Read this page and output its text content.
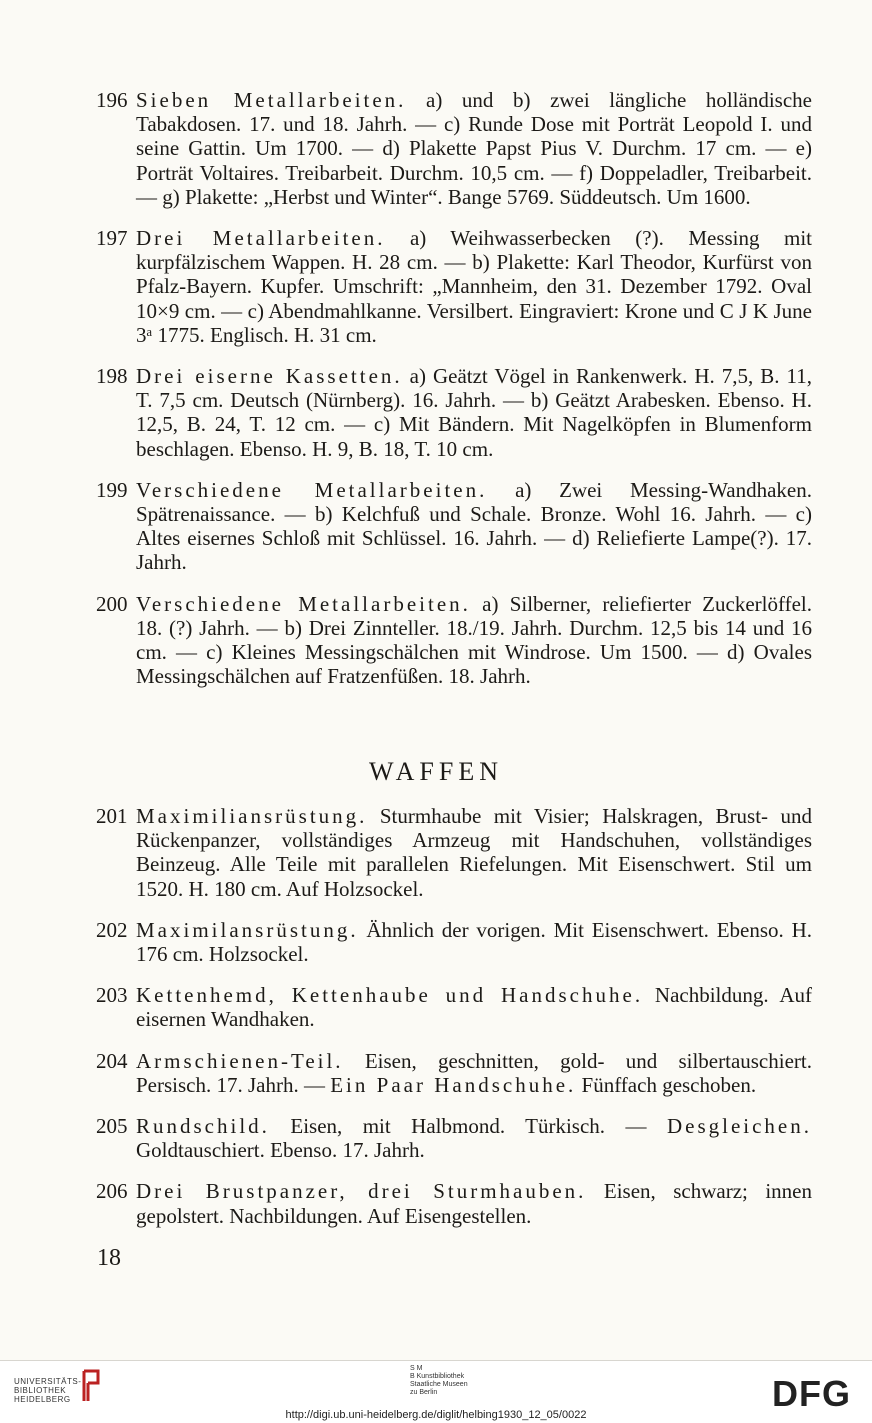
196 Sieben Metallarbeiten. a) und b) zwei längliche holländische Tabakdosen. 17. und 18. Jahrh. — c) Runde Dose mit Porträt Leopold I. und seine Gattin. Um 1700. — d) Plakette Papst Pius V. Durchm. 17 cm. — e) Porträt Voltaires. Treibarbeit. Durchm. 10,5 cm. — f) Doppeladler, Treibarbeit. — g) Plakette: „Herbst und Winter“. Bange 5769. Süddeutsch. Um 1600.
197 Drei Metallarbeiten. a) Weihwasserbecken (?). Messing mit kurpfälzischem Wappen. H. 28 cm. — b) Plakette: Karl Theodor, Kurfürst von Pfalz-Bayern. Kupfer. Umschrift: „Mannheim, den 31. Dezember 1792. Oval 10×9 cm. — c) Abendmahlkanne. Versilbert. Eingraviert: Krone und C J K June 3ᵃ 1775. Englisch. H. 31 cm.
198 Drei eiserne Kassetten. a) Geätzt Vögel in Rankenwerk. H. 7,5, B. 11, T. 7,5 cm. Deutsch (Nürnberg). 16. Jahrh. — b) Geätzt Arabesken. Ebenso. H. 12,5, B. 24, T. 12 cm. — c) Mit Bändern. Mit Nagelköpfen in Blumenform beschlagen. Ebenso. H. 9, B. 18, T. 10 cm.
199 Verschiedene Metallarbeiten. a) Zwei Messing-Wandhaken. Spätrenaissance. — b) Kelchfuß und Schale. Bronze. Wohl 16. Jahrh. — c) Altes eisernes Schloß mit Schlüssel. 16. Jahrh. — d) Reliefierte Lampe(?). 17. Jahrh.
200 Verschiedene Metallarbeiten. a) Silberner, reliefierter Zuckerlöffel. 18. (?) Jahrh. — b) Drei Zinnteller. 18./19. Jahrh. Durchm. 12,5 bis 14 und 16 cm. — c) Kleines Messingschälchen mit Windrose. Um 1500. — d) Ovales Messingschälchen auf Fratzenfüßen. 18. Jahrh.
WAFFEN
201 Maximiliansrüstung. Sturmhaube mit Visier; Halskragen, Brust- und Rückenpanzer, vollständiges Armzeug mit Handschuhen, vollständiges Beinzeug. Alle Teile mit parallelen Riefelungen. Mit Eisenschwert. Stil um 1520. H. 180 cm. Auf Holzsockel.
202 Maximilansrüstung. Ähnlich der vorigen. Mit Eisenschwert. Ebenso. H. 176 cm. Holzsockel.
203 Kettenhemd, Kettenhaube und Handschuhe. Nachbildung. Auf eisernen Wandhaken.
204 Armschienen-Teil. Eisen, geschnitten, gold- und silbertauschiert. Persisch. 17. Jahrh. — Ein Paar Handschuhe. Fünffach geschoben.
205 Rundschild. Eisen, mit Halbmond. Türkisch. — Desgleichen. Goldtauschiert. Ebenso. 17. Jahrh.
206 Drei Brustpanzer, drei Sturmhauben. Eisen, schwarz; innen gepolstert. Nachbildungen. Auf Eisengestellen.
18
UNIVERSITÄTS-
BIBLIOTHEK
HEIDELBERG
S M
B Kunstbibliothek
Staatliche Museen
zu Berlin	DFG
http://digi.ub.uni-heidelberg.de/diglit/helbing1930_12_05/0022
